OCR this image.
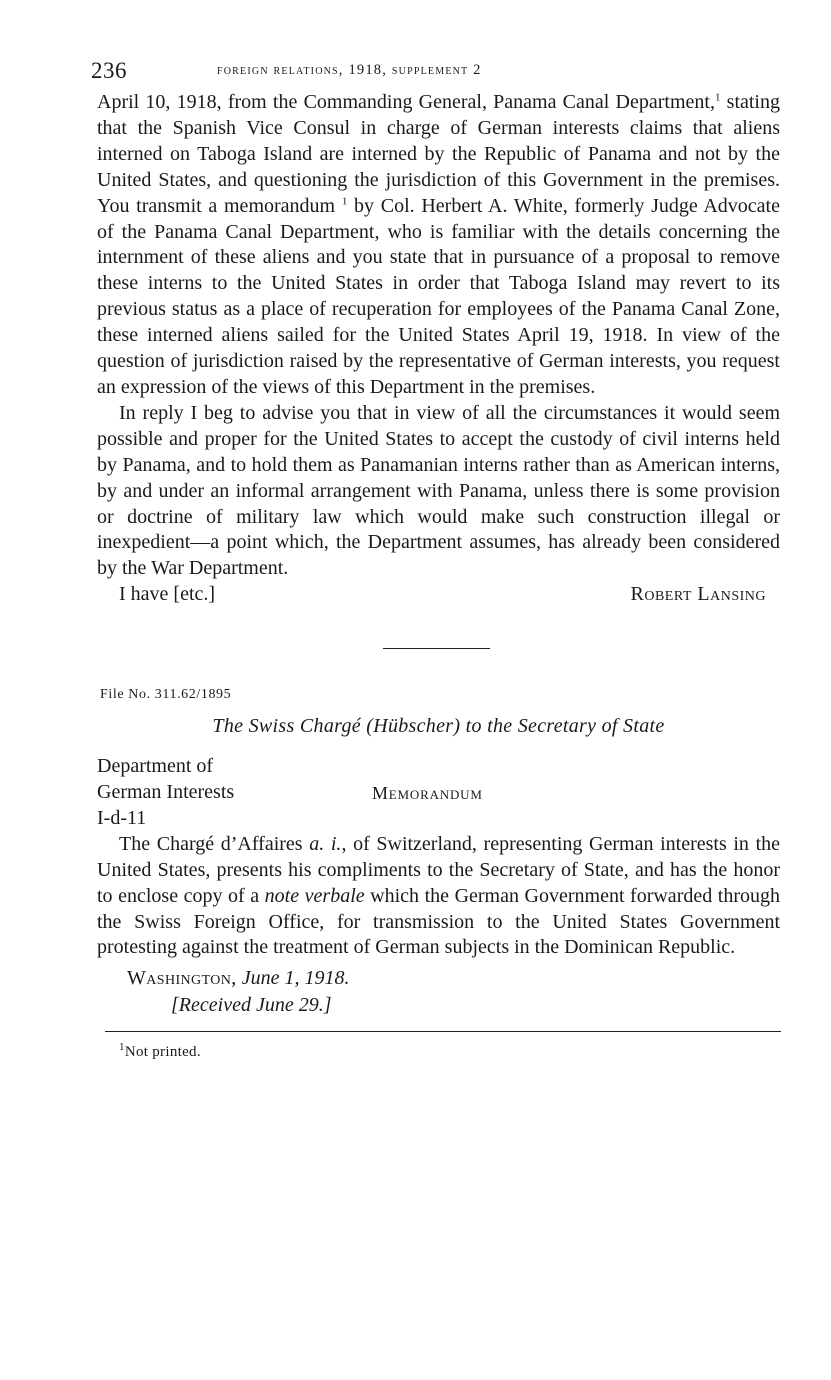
236	foreign relations, 1918, supplement 2

April 10, 1918, from the Commanding General, Panama Canal Department,$^1$ stating that the Spanish Vice Consul in charge of German interests claims that aliens interned on Taboga Island are interned by the Republic of Panama and not by the United States, and questioning the jurisdiction of this Government in the premises. You transmit a memorandum $^1$ by Col. Herbert A. White, formerly Judge Advocate of the Panama Canal Department, who is familiar with the details concerning the internment of these aliens and you state that in pursuance of a proposal to remove these interns to the United States in order that Taboga Island may revert to its previous status as a place of recuperation for employees of the Panama Canal Zone, these interned aliens sailed for the United States April 19, 1918. In view of the question of jurisdiction raised by the representative of German interests, you request an expression of the views of this Department in the premises.

In reply I beg to advise you that in view of all the circumstances it would seem possible and proper for the United States to accept the custody of civil interns held by Panama, and to hold them as Panamanian interns rather than as American interns, by and under an informal arrangement with Panama, unless there is some provision or doctrine of military law which would make such construction illegal or inexpedient—a point which, the Department assumes, has already been considered by the War Department.

I have [etc.]	Robert Lansing
File No. 311.62/1895
The Swiss Chargé (Hübscher) to the Secretary of State
Department of
German Interests
I-d-11
Memorandum

The Chargé d’Affaires a. i., of Switzerland, representing German interests in the United States, presents his compliments to the Secretary of State, and has the honor to enclose copy of a note verbale which the German Government forwarded through the Swiss Foreign Office, for transmission to the United States Government protesting against the treatment of German subjects in the Dominican Republic.

Washington, June 1, 1918.
[Received June 29.]
$^1$Not printed.
